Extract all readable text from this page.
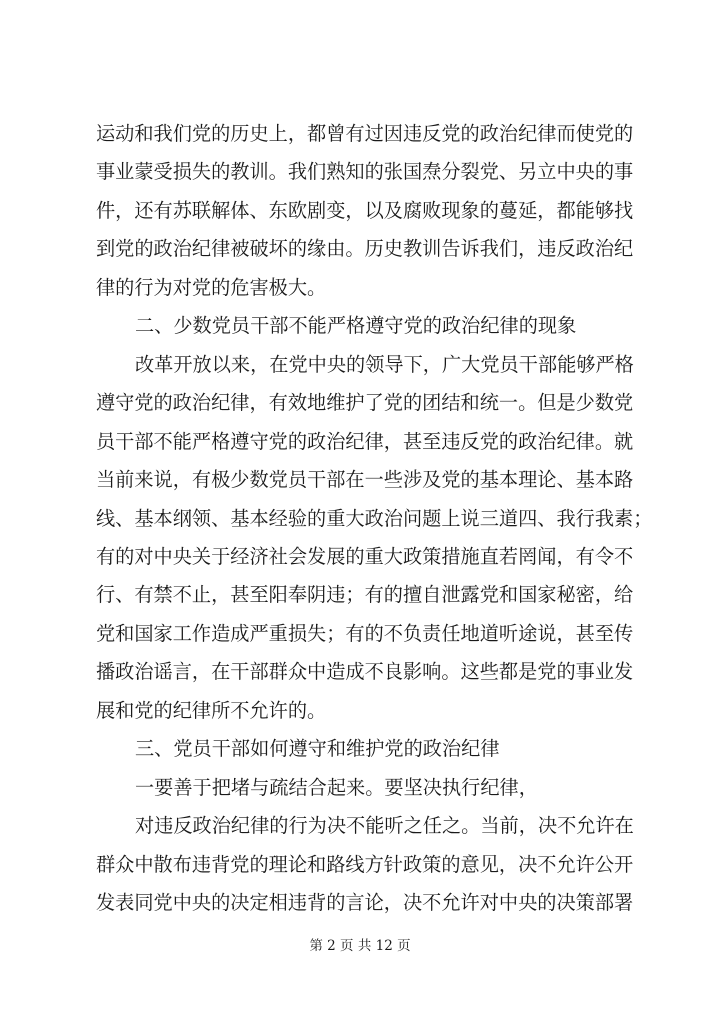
运动和我们党的历史上，都曾有过因违反党的政治纪律而使党的
事业蒙受损失的教训。我们熟知的张国焘分裂党、另立中央的事
件，还有苏联解体、东欧剧变，以及腐败现象的蔓延，都能够找
到党的政治纪律被破坏的缘由。历史教训告诉我们，违反政治纪
律的行为对党的危害极大。
二、少数党员干部不能严格遵守党的政治纪律的现象
改革开放以来，在党中央的领导下，广大党员干部能够严格
遵守党的政治纪律，有效地维护了党的团结和统一。但是少数党
员干部不能严格遵守党的政治纪律，甚至违反党的政治纪律。就
当前来说，有极少数党员干部在一些涉及党的基本理论、基本路
线、基本纲领、基本经验的重大政治问题上说三道四、我行我素；
有的对中央关于经济社会发展的重大政策措施直若罔闻，有令不
行、有禁不止，甚至阳奉阴违；有的擅自泄露党和国家秘密，给
党和国家工作造成严重损失；有的不负责任地道听途说，甚至传
播政治谣言，在干部群众中造成不良影响。这些都是党的事业发
展和党的纪律所不允许的。
三、党员干部如何遵守和维护党的政治纪律
一要善于把堵与疏结合起来。要坚决执行纪律，
对违反政治纪律的行为决不能听之任之。当前，决不允许在
群众中散布违背党的理论和路线方针政策的意见，决不允许公开
发表同党中央的决定相违背的言论，决不允许对中央的决策部署
第 2 页 共 12 页
